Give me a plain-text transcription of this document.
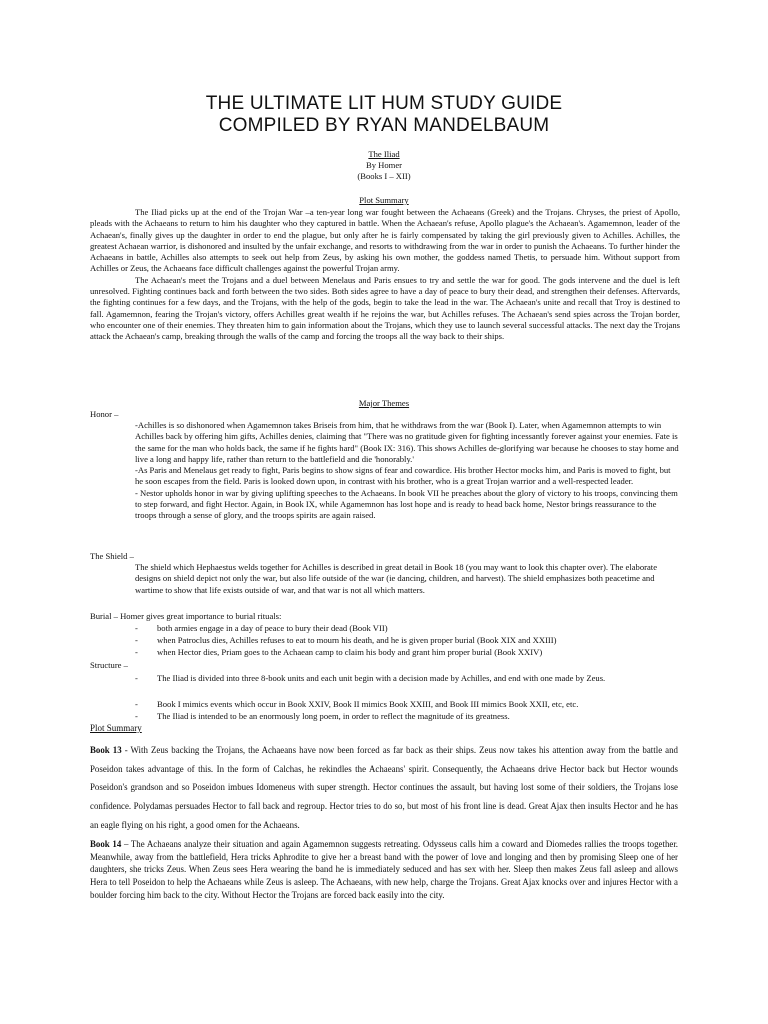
THE ULTIMATE LIT HUM STUDY GUIDE
COMPILED BY RYAN MANDELBAUM
The Iliad
By Homer
(Books I – XII)
Plot Summary

The Iliad picks up at the end of the Trojan War –a ten-year long war fought between the Achaeans (Greek) and the Trojans. Chryses, the priest of Apollo, pleads with the Achaeans to return to him his daughter who they captured in battle. When the Achaean's refuse, Apollo plague's the Achaean's. Agamemnon, leader of the Achaean's, finally gives up the daughter in order to end the plague, but only after he is fairly compensated by taking the girl previously given to Achilles. Achilles, the greatest Achaean warrior, is dishonored and insulted by the unfair exchange, and resorts to withdrawing from the war in order to punish the Achaeans. To further hinder the Achaeans in battle, Achilles also attempts to seek out help from Zeus, by asking his own mother, the goddess named Thetis, to persuade him. Without support from Achilles or Zeus, the Achaeans face difficult challenges against the powerful Trojan army.

The Achaean's meet the Trojans and a duel between Menelaus and Paris ensues to try and settle the war for good. The gods intervene and the duel is left unresolved. Fighting continues back and forth between the two sides. Both sides agree to have a day of peace to bury their dead, and strengthen their defenses. Aftervards, the fighting continues for a few days, and the Trojans, with the help of the gods, begin to take the lead in the war. The Achaean's unite and recall that Troy is destined to fall. Agamemnon, fearing the Trojan's victory, offers Achilles great wealth if he rejoins the war, but Achilles refuses. The Achaean's send spies across the Trojan border, who encounter one of their enemies. They threaten him to gain information about the Trojans, which they use to launch several successful attacks. The next day the Trojans attack the Achaean's camp, breaking through the walls of the camp and forcing the troops all the way back to their ships.

Major Themes
Honor –

-Achilles is so dishonored when Agamemnon takes Briseis from him, that he withdraws from the war (Book I). Later, when Agamemnon attempts to win Achilles back by offering him gifts, Achilles denies, claiming that "There was no gratitude given for fighting incessantly forever against your enemies. Fate is the same for the man who holds back, the same if he fights hard" (Book IX: 316). This shows Achilles de-glorifying war because he chooses to stay home and live a long and happy life, rather than return to the battlefield and die 'honorably.'

-As Paris and Menelaus get ready to fight, Paris begins to show signs of fear and cowardice. His brother Hector mocks him, and Paris is moved to fight, but he soon escapes from the field. Paris is looked down upon, in contrast with his brother, who is a great Trojan warrior and a well-respected leader.

- Nestor upholds honor in war by giving uplifting speeches to the Achaeans. In book VII he preaches about the glory of victory to his troops, convincing them to step forward, and fight Hector. Again, in Book IX, while Agamemnon has lost hope and is ready to head back home, Nestor brings reassurance to the troops through a sense of glory, and the troops spirits are again raised.

The Shield –
The shield which Hephaestus welds together for Achilles is described in great detail in Book 18 (you may want to look this chapter over). The elaborate designs on shield depict not only the war, but also life outside of the war (ie dancing, children, and harvest). The shield emphasizes both peacetime and wartime to show that life exists outside of war, and that war is not all which matters.
Burial – Homer gives great importance to burial rituals:
- both armies engage in a day of peace to bury their dead (Book VII)
- when Patroclus dies, Achilles refuses to eat to mourn his death, and he is given proper burial (Book XIX and XXIII)
- when Hector dies, Priam goes to the Achaean camp to claim his body and grant him proper burial (Book XXIV)
Structure –
- The Iliad is divided into three 8-book units and each unit begin with a decision made by Achilles, and end with one made by Zeus.
- Book I mimics events which occur in Book XXIV, Book II mimics Book XXIII, and Book III mimics Book XXII, etc, etc.
- The Iliad is intended to be an enormously long poem, in order to reflect the magnitude of its greatness.
Plot Summary
Book 13 - With Zeus backing the Trojans, the Achaeans have now been forced as far back as their ships. Zeus now takes his attention away from the battle and Poseidon takes advantage of this. In the form of Calchas, he rekindles the Achaeans' spirit. Consequently, the Achaeans drive Hector back but Hector wounds Poseidon's grandson and so Poseidon imbues Idomeneus with super strength. Hector continues the assault, but having lost some of their soldiers, the Trojans lose confidence. Polydamas persuades Hector to fall back and regroup. Hector tries to do so, but most of his front line is dead. Great Ajax then insults Hector and he has an eagle flying on his right, a good omen for the Achaeans.
Book 14 – The Achaeans analyze their situation and again Agamemnon suggests retreating. Odysseus calls him a coward and Diomedes rallies the troops together. Meanwhile, away from the battlefield, Hera tricks Aphrodite to give her a breast band with the power of love and longing and then by promising Sleep one of her daughters, she tricks Zeus. When Zeus sees Hera wearing the band he is immediately seduced and has sex with her. Sleep then makes Zeus fall asleep and allows Hera to tell Poseidon to help the Achaeans while Zeus is asleep. The Achaeans, with new help, charge the Trojans. Great Ajax knocks over and injures Hector with a boulder forcing him back to the city. Without Hector the Trojans are forced back easily into the city.
